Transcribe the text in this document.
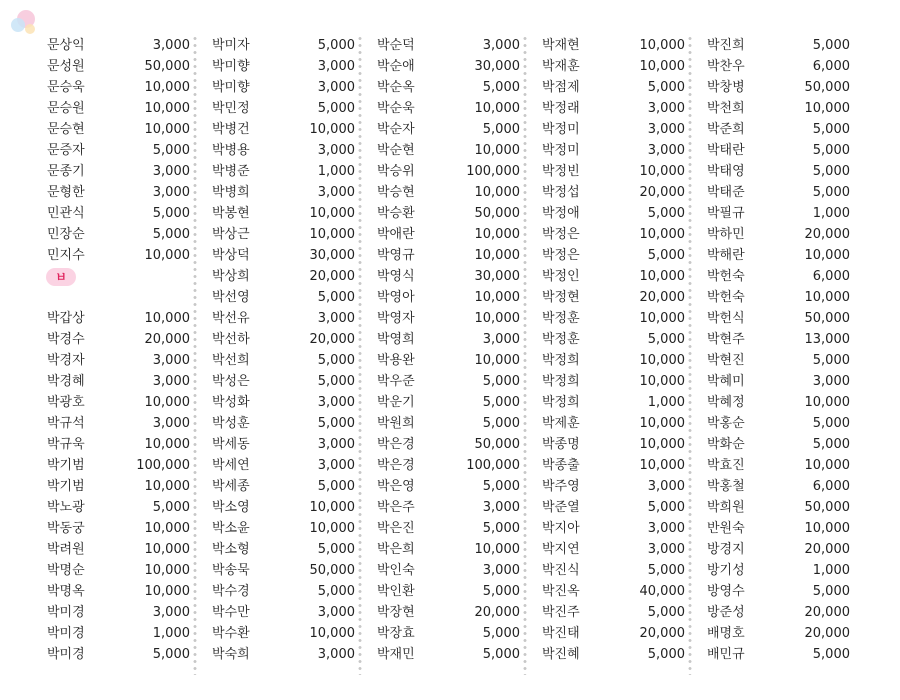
문상익	3,000
문성원	50,000
문승욱	10,000
문승원	10,000
문승현	10,000
문증자	5,000
문종기	3,000
문형한	3,000
민관식	5,000
민장순	5,000
민지수	10,000
ㅂ
박갑상	10,000
박경수	20,000
박경자	3,000
박경혜	3,000
박광호	10,000
박규석	3,000
박규욱	10,000
박기범	100,000
박기범	10,000
박노광	5,000
박동궁	10,000
박려원	10,000
박명순	10,000
박명옥	10,000
박미경	3,000
박미경	1,000
박미경	5,000
박미자	5,000
박미향	3,000
박미향	3,000
박민정	5,000
박병건	10,000
박병용	3,000
박병준	1,000
박병희	3,000
박봉현	10,000
박상근	10,000
박상덕	30,000
박상희	20,000
박선영	5,000
박선유	3,000
박선하	20,000
박선희	5,000
박성은	5,000
박성화	3,000
박성훈	5,000
박세동	3,000
박세연	3,000
박세종	5,000
박소영	10,000
박소윤	10,000
박소형	5,000
박송묵	50,000
박수경	5,000
박수만	3,000
박수환	10,000
박숙희	3,000
박순덕	3,000
박순애	30,000
박순옥	5,000
박순욱	10,000
박순자	5,000
박순현	10,000
박승위	100,000
박승현	10,000
박승환	50,000
박애란	10,000
박영규	10,000
박영식	30,000
박영아	10,000
박영자	10,000
박영희	3,000
박용완	10,000
박우준	5,000
박운기	5,000
박원희	5,000
박은경	50,000
박은경	100,000
박은영	5,000
박은주	3,000
박은진	5,000
박은희	10,000
박인숙	3,000
박인환	5,000
박장현	20,000
박장효	5,000
박재민	5,000
박재현	10,000
박재훈	10,000
박점제	5,000
박정래	3,000
박정미	3,000
박정미	3,000
박정빈	10,000
박정섭	20,000
박정애	5,000
박정은	10,000
박정은	5,000
박정인	10,000
박정현	20,000
박정훈	10,000
박정훈	5,000
박정희	10,000
박정희	10,000
박정희	1,000
박제훈	10,000
박종명	10,000
박종출	10,000
박주영	3,000
박준열	5,000
박지아	3,000
박지연	3,000
박진식	5,000
박진옥	40,000
박진주	5,000
박진태	20,000
박진혜	5,000
박진희	5,000
박찬우	6,000
박창병	50,000
박천희	10,000
박준희	5,000
박태란	5,000
박태영	5,000
박태준	5,000
박필규	1,000
박하민	20,000
박해란	10,000
박헌숙	6,000
박헌숙	10,000
박헌식	50,000
박현주	13,000
박현진	5,000
박혜미	3,000
박혜정	10,000
박홍순	5,000
박화순	5,000
박효진	10,000
박홍철	6,000
박희원	50,000
반원숙	10,000
방경지	20,000
방기성	1,000
방영수	5,000
방준성	20,000
배명호	20,000
배민규	5,000
